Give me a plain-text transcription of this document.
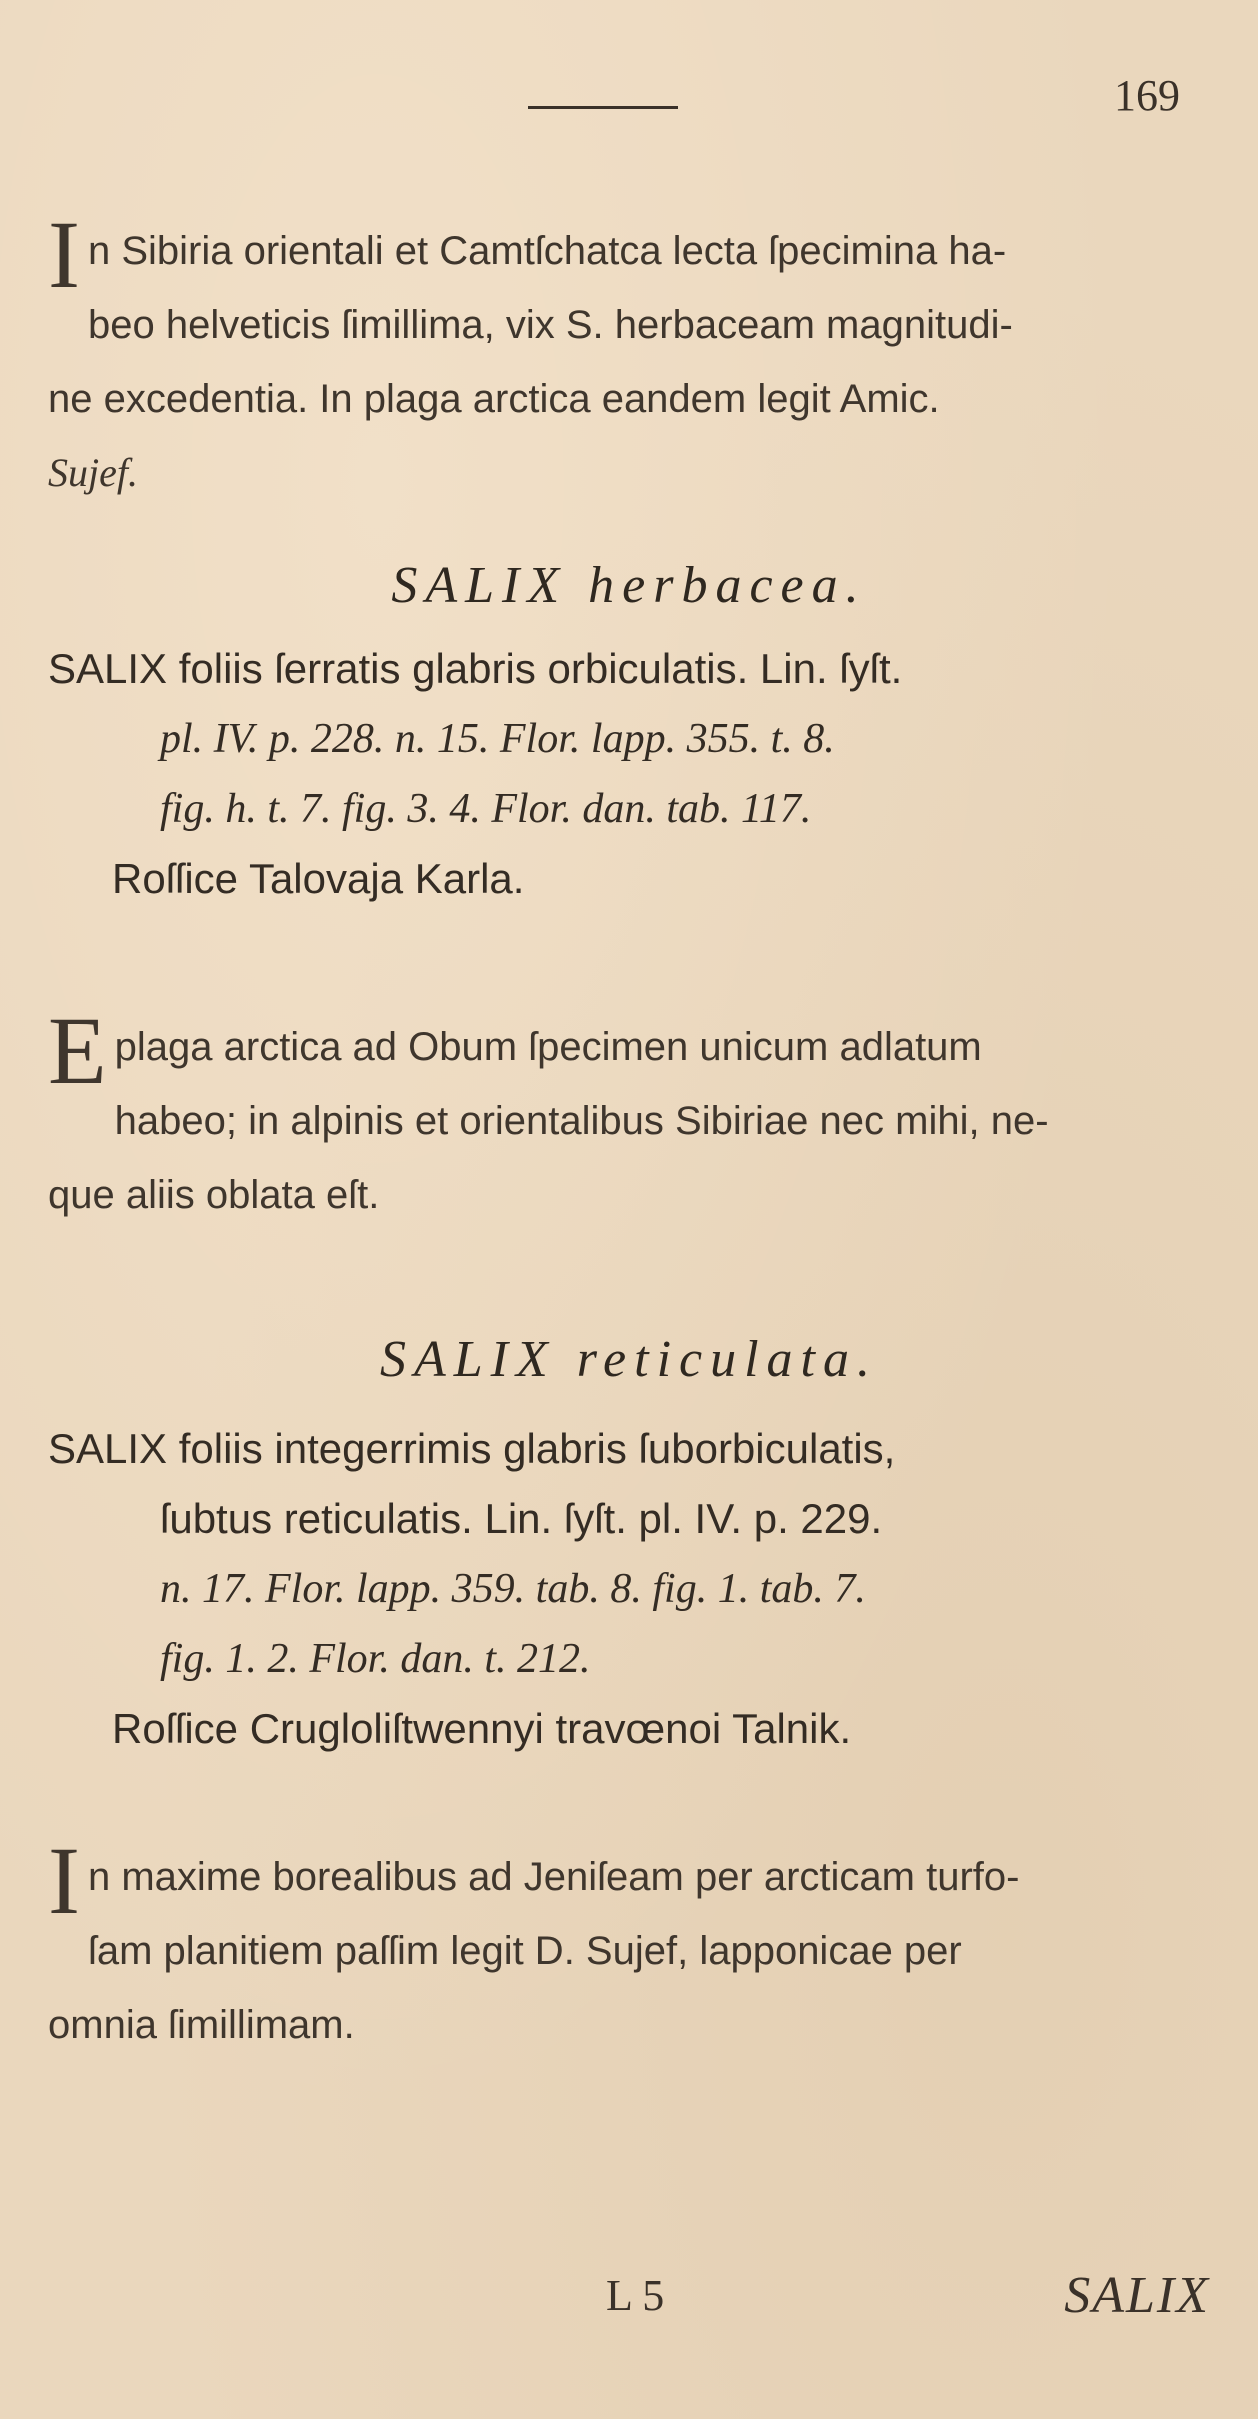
169
I n Sibiria orientali et Camtſchatca lecta ſpecimina ha-
beo helveticis ſimillima, vix S. herbaceam magnitudi-
ne excedentia. In plaga arctica eandem legit Amic.
Sujef.
SALIX herbacea.
SALIX foliis ſerratis glabris orbiculatis. Lin. ſyſt.
pl. IV. p. 228. n. 15. Flor. lapp. 355. t. 8.
fig. h. t. 7. fig. 3. 4. Flor. dan. tab. 117.
Roſſice Talovaja Karla.
E plaga arctica ad Obum ſpecimen unicum adlatum
habeo; in alpinis et orientalibus Sibiriae nec mihi, ne-
que aliis oblata eſt.
SALIX reticulata.
SALIX foliis integerrimis glabris ſuborbiculatis,
ſubtus reticulatis. Lin. ſyſt. pl. IV. p. 229.
n. 17. Flor. lapp. 359. tab. 8. fig. 1. tab. 7.
fig. 1. 2. Flor. dan. t. 212.
Roſſice Crugloliſtwennyi travœnoi Talnik.
I n maxime borealibus ad Jeniſeam per arcticam turfo-
ſam planitiem paſſim legit D. Sujef, lapponicae per
omnia ſimillimam.
L 5	SALIX
